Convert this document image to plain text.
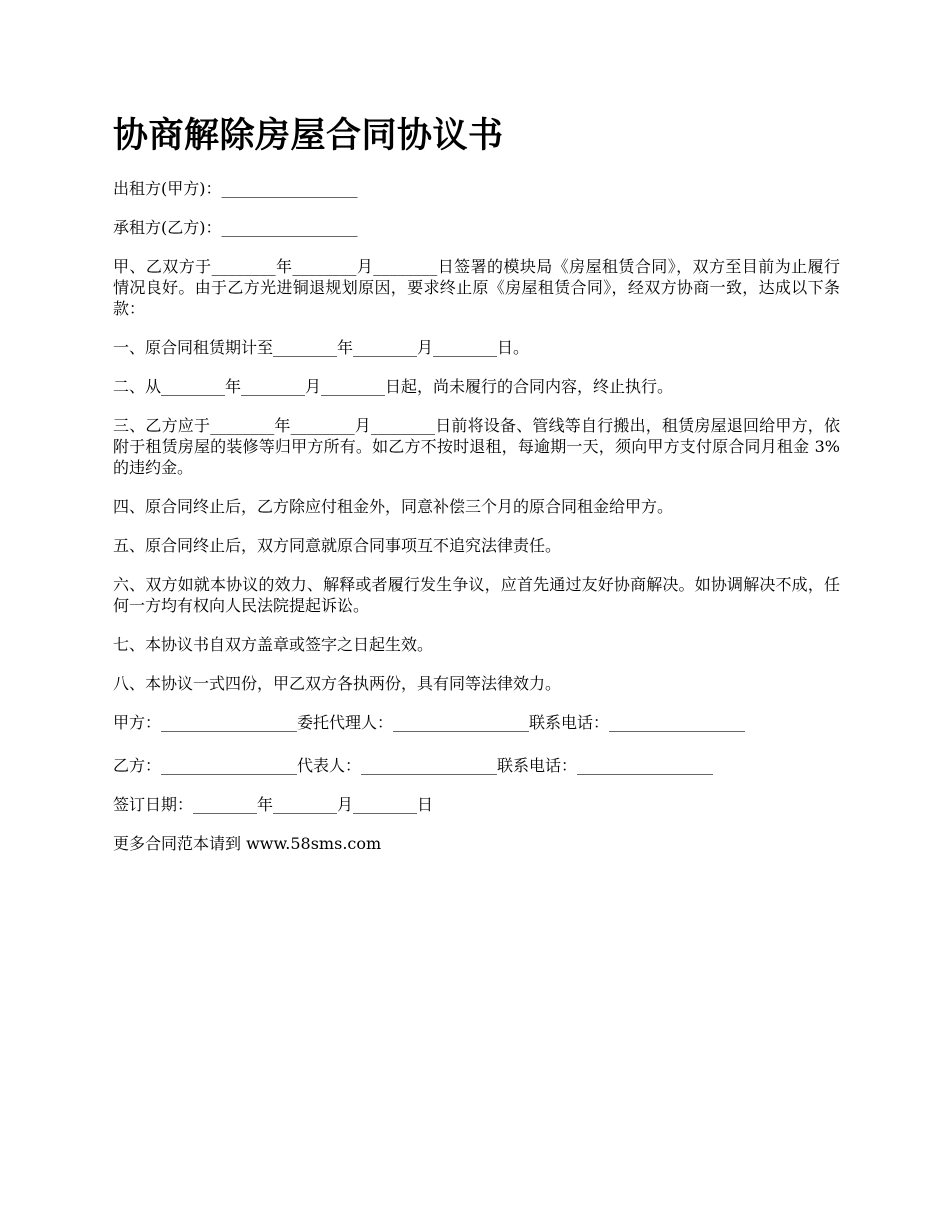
协商解除房屋合同协议书

出租方(甲方)：_________________

承租方(乙方)：_________________

甲、乙双方于________年________月________日签署的模块局《房屋租赁合同》，双方至目前为止履行情况良好。由于乙方光进铜退规划原因，要求终止原《房屋租赁合同》，经双方协商一致，达成以下条款：

一、原合同租赁期计至________年________月________日。

二、从________年________月________日起，尚未履行的合同内容，终止执行。

三、乙方应于________年________月________日前将设备、管线等自行搬出，租赁房屋退回给甲方，依附于租赁房屋的装修等归甲方所有。如乙方不按时退租，每逾期一天，须向甲方支付原合同月租金 3%的违约金。

四、原合同终止后，乙方除应付租金外，同意补偿三个月的原合同租金给甲方。

五、原合同终止后，双方同意就原合同事项互不追究法律责任。

六、双方如就本协议的效力、解释或者履行发生争议，应首先通过友好协商解决。如协调解决不成，任何一方均有权向人民法院提起诉讼。

七、本协议书自双方盖章或签字之日起生效。

八、本协议一式四份，甲乙双方各执两份，具有同等法律效力。

甲方：_________________委托代理人：_________________联系电话：_________________

乙方：_________________代表人：_________________联系电话：_________________

签订日期：________年________月________日

更多合同范本请到 www.58sms.com
